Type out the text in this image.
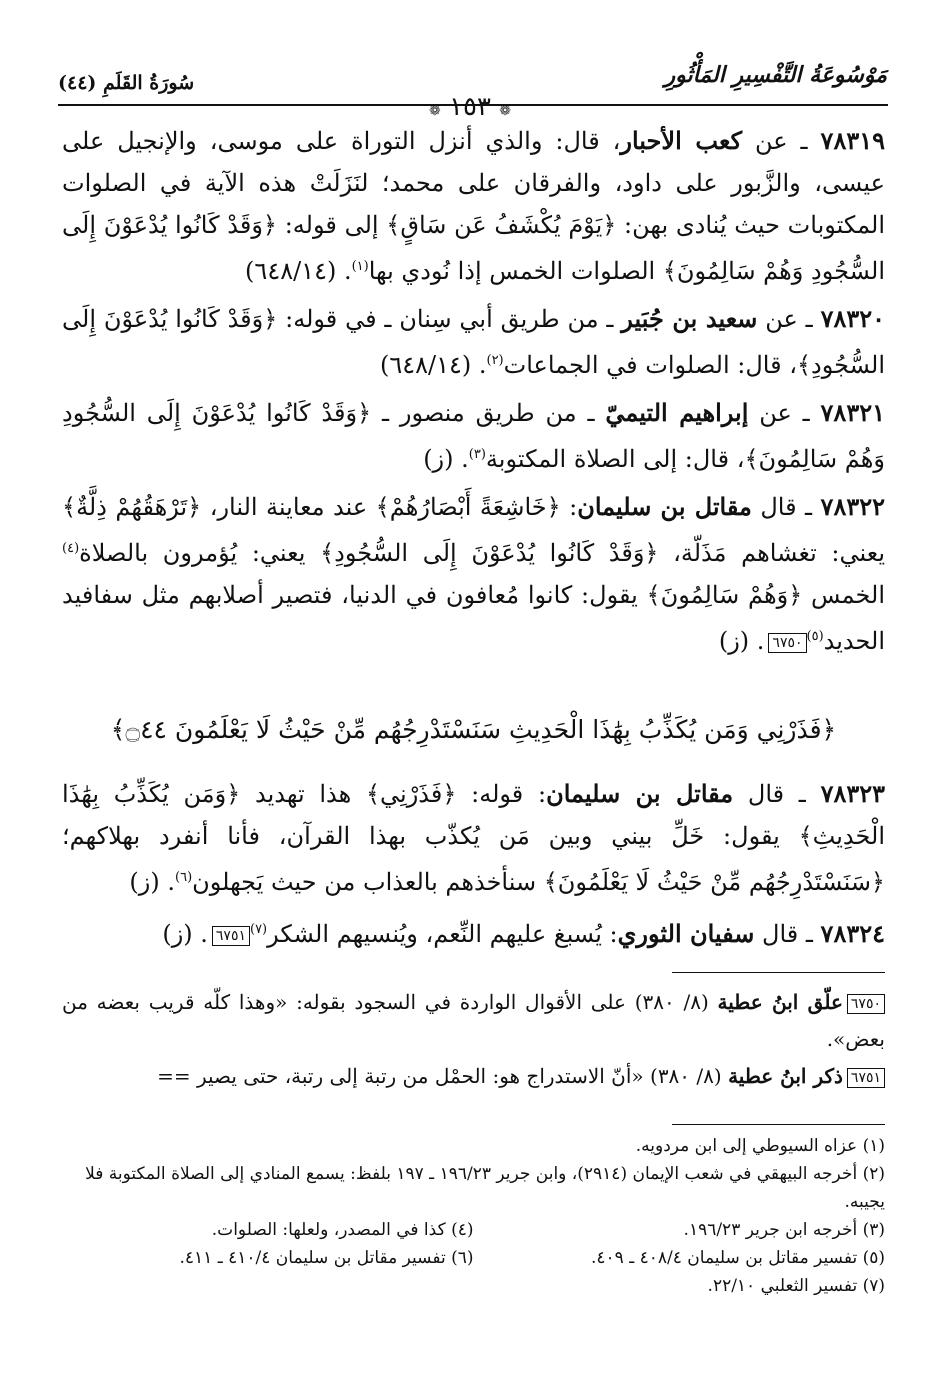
مَوْسُوعَةُ التَّفْسِيرِ المَأْثُورِ
❁ ١٥٣ ❁
سُورَةُ القَلَمِ (٤٤)

٧٨٣١٩ ـ عن كعب الأحبار، قال: والذي أنزل التوراة على موسى، والإنجيل على عيسى، والزَّبور على داود، والفرقان على محمد؛ لنَزَلَتْ هذه الآية في الصلوات المكتوبات حيث يُنادى بهن: ﴿يَوْمَ يُكْشَفُ عَن سَاقٍ﴾ إلى قوله: ﴿وَقَدْ كَانُوا يُدْعَوْنَ إِلَى السُّجُودِ وَهُمْ سَالِمُونَ﴾ الصلوات الخمس إذا نُودي بها$^{(١)}$. (٦٤٨/١٤)

٧٨٣٢٠ ـ عن سعيد بن جُبَير ـ من طريق أبي سِنان ـ في قوله: ﴿وَقَدْ كَانُوا يُدْعَوْنَ إِلَى السُّجُودِ﴾، قال: الصلوات في الجماعات$^{(٢)}$. (٦٤٨/١٤)

٧٨٣٢١ ـ عن إبراهيم التيميّ ـ من طريق منصور ـ ﴿وَقَدْ كَانُوا يُدْعَوْنَ إِلَى السُّجُودِ وَهُمْ سَالِمُونَ﴾، قال: إلى الصلاة المكتوبة$^{(٣)}$. (ز)

٧٨٣٢٢ ـ قال مقاتل بن سليمان: ﴿خَاشِعَةً أَبْصَارُهُمْ﴾ عند معاينة النار، ﴿تَرْهَقُهُمْ ذِلَّةٌ﴾ يعني: تغشاهم مَذَلّة، ﴿وَقَدْ كَانُوا يُدْعَوْنَ إِلَى السُّجُودِ﴾ يعني: يُؤمرون بالصلاة$^{(٤)}$ الخمس ﴿وَهُمْ سَالِمُونَ﴾ يقول: كانوا مُعافون في الدنيا، فتصير أصلابهم مثل سفافيد الحديد$^{(٥)}$٦٧٥٠. (ز)

﴿فَذَرْنِي وَمَن يُكَذِّبُ بِهَٰذَا الْحَدِيثِ سَنَسْتَدْرِجُهُم مِّنْ حَيْثُ لَا يَعْلَمُونَ ۝٤٤﴾

٧٨٣٢٣ ـ قال مقاتل بن سليمان: قوله: ﴿فَذَرْنِي﴾ هذا تهديد ﴿وَمَن يُكَذِّبُ بِهَٰذَا الْحَدِيثِ﴾ يقول: خَلِّ بيني وبين مَن يُكذّب بهذا القرآن، فأنا أنفرد بهلاكهم؛ ﴿سَنَسْتَدْرِجُهُم مِّنْ حَيْثُ لَا يَعْلَمُونَ﴾ سنأخذهم بالعذاب من حيث يَجهلون$^{(٦)}$. (ز)

٧٨٣٢٤ ـ قال سفيان الثوري: يُسبغ عليهم النِّعم، ويُنسيهم الشكر$^{(٧)}$٦٧٥١. (ز)

٦٧٥٠علّق ابنُ عطية (٨/ ٣٨٠) على الأقوال الواردة في السجود بقوله: «وهذا كلّه قريب بعضه من بعض».

٦٧٥١ذكر ابنُ عطية (٨/ ٣٨٠) «أنّ الاستدراج هو: الحمْل من رتبة إلى رتبة، حتى يصير ==

(١) عزاه السيوطي إلى ابن مردويه.
(٢) أخرجه البيهقي في شعب الإيمان (٢٩١٤)، وابن جرير ١٩٦/٢٣ ـ ١٩٧ بلفظ: يسمع المنادي إلى الصلاة المكتوبة فلا يجيبه.
(٣) أخرجه ابن جرير ١٩٦/٢٣.
(٤) كذا في المصدر، ولعلها: الصلوات.
(٥) تفسير مقاتل بن سليمان ٤٠٨/٤ ـ ٤٠٩.
(٦) تفسير مقاتل بن سليمان ٤١٠/٤ ـ ٤١١.
(٧) تفسير الثعلبي ٢٢/١٠.
